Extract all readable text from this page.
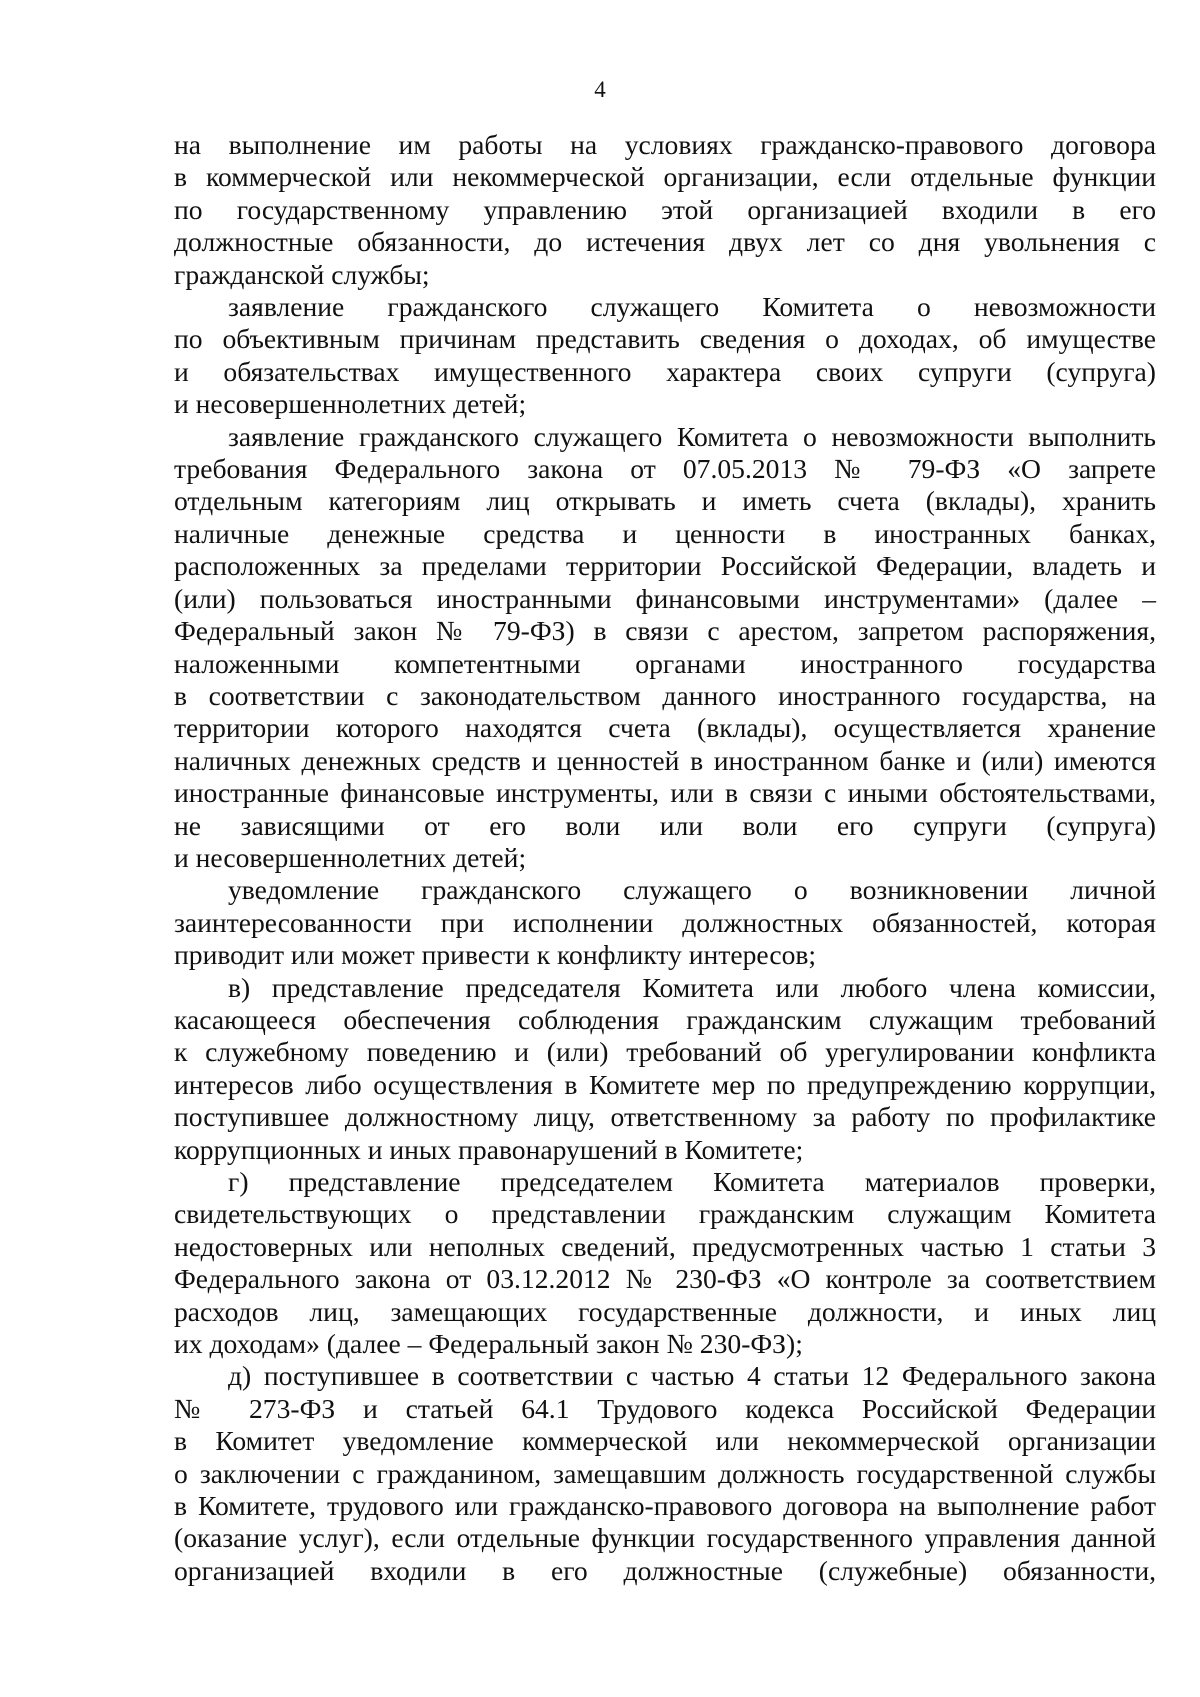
4
на выполнение им работы на условиях гражданско-правового договора
в коммерческой или некоммерческой организации, если отдельные функции
по государственному управлению этой организацией входили в его
должностные обязанности, до истечения двух лет со дня увольнения с
гражданской службы;
заявление гражданского служащего Комитета о невозможности
по объективным причинам представить сведения о доходах, об имуществе
и обязательствах имущественного характера своих супруги (супруга)
и несовершеннолетних детей;
заявление гражданского служащего Комитета о невозможности выполнить
требования Федерального закона от 07.05.2013 № 79-ФЗ «О запрете
отдельным категориям лиц открывать и иметь счета (вклады), хранить
наличные денежные средства и ценности в иностранных банках,
расположенных за пределами территории Российской Федерации, владеть и
(или) пользоваться иностранными финансовыми инструментами» (далее –
Федеральный закон № 79-ФЗ) в связи с арестом, запретом распоряжения,
наложенными компетентными органами иностранного государства
в соответствии с законодательством данного иностранного государства, на
территории которого находятся счета (вклады), осуществляется хранение
наличных денежных средств и ценностей в иностранном банке и (или) имеются
иностранные финансовые инструменты, или в связи с иными обстоятельствами,
не зависящими от его воли или воли его супруги (супруга)
и несовершеннолетних детей;
уведомление гражданского служащего о возникновении личной
заинтересованности при исполнении должностных обязанностей, которая
приводит или может привести к конфликту интересов;
в) представление председателя Комитета или любого члена комиссии,
касающееся обеспечения соблюдения гражданским служащим требований
к служебному поведению и (или) требований об урегулировании конфликта
интересов либо осуществления в Комитете мер по предупреждению коррупции,
поступившее должностному лицу, ответственному за работу по профилактике
коррупционных и иных правонарушений в Комитете;
г) представление председателем Комитета материалов проверки,
свидетельствующих о представлении гражданским служащим Комитета
недостоверных или неполных сведений, предусмотренных частью 1 статьи 3
Федерального закона от 03.12.2012 № 230-ФЗ «О контроле за соответствием
расходов лиц, замещающих государственные должности, и иных лиц
их доходам» (далее – Федеральный закон № 230-ФЗ);
д) поступившее в соответствии с частью 4 статьи 12 Федерального закона
№ 273-ФЗ и статьей 64.1 Трудового кодекса Российской Федерации
в Комитет уведомление коммерческой или некоммерческой организации
о заключении с гражданином, замещавшим должность государственной службы
в Комитете, трудового или гражданско-правового договора на выполнение работ
(оказание услуг), если отдельные функции государственного управления данной
организацией входили в его должностные (служебные) обязанности,
